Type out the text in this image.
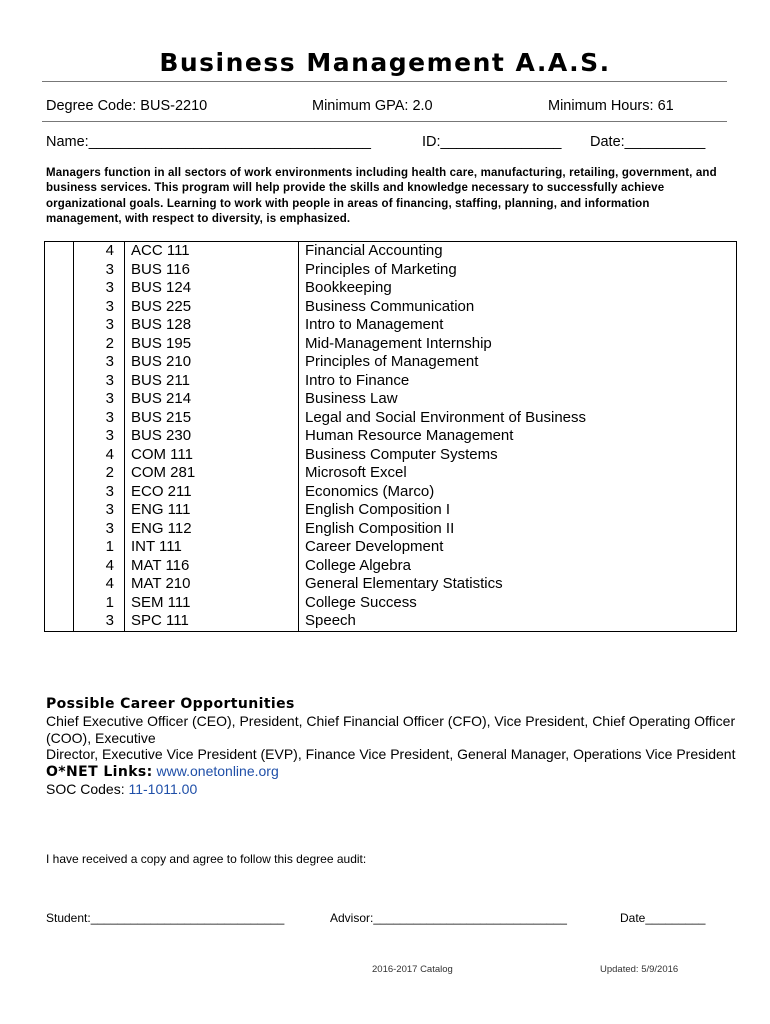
Business Management A.A.S.
Degree Code: BUS-2210	Minimum GPA: 2.0	Minimum Hours: 61
Name:___________________________________	ID:_______________ Date:__________
Managers function in all sectors of work environments including health care, manufacturing, retailing, government, and business services. This program will help provide the skills and knowledge necessary to successfully achieve organizational goals. Learning to work with people in areas of financing, staffing, planning, and information management, with respect to diversity, is emphasized.
	4	ACC 111	Financial Accounting
	3	BUS 116	Principles of Marketing
	3	BUS 124	Bookkeeping
	3	BUS 225	Business Communication
	3	BUS 128	Intro to Management
	2	BUS 195	Mid-Management Internship
	3	BUS 210	Principles of Management
	3	BUS 211	Intro to Finance
	3	BUS 214	Business Law
	3	BUS 215	Legal and Social Environment of Business
	3	BUS 230	Human Resource Management
	4	COM 111	Business Computer Systems
	2	COM 281	Microsoft Excel
	3	ECO 211	Economics (Marco)
	3	ENG 111	English Composition I
	3	ENG 112	English Composition II
	1	INT 111	Career Development
	4	MAT 116	College Algebra
	4	MAT 210	General Elementary Statistics
	1	SEM 111	College Success
	3	SPC 111	Speech
Possible Career Opportunities
Chief Executive Officer (CEO), President, Chief Financial Officer (CFO), Vice President, Chief Operating Officer (COO), Executive
Director, Executive Vice President (EVP), Finance Vice President, General Manager, Operations Vice President
O*NET Links: www.onetonline.org
SOC Codes: 11-1011.00
I have received a copy and agree to follow this degree audit:
Student:_____________________________	Advisor:_____________________________	Date_________
2016-2017 Catalog	Updated: 5/9/2016
